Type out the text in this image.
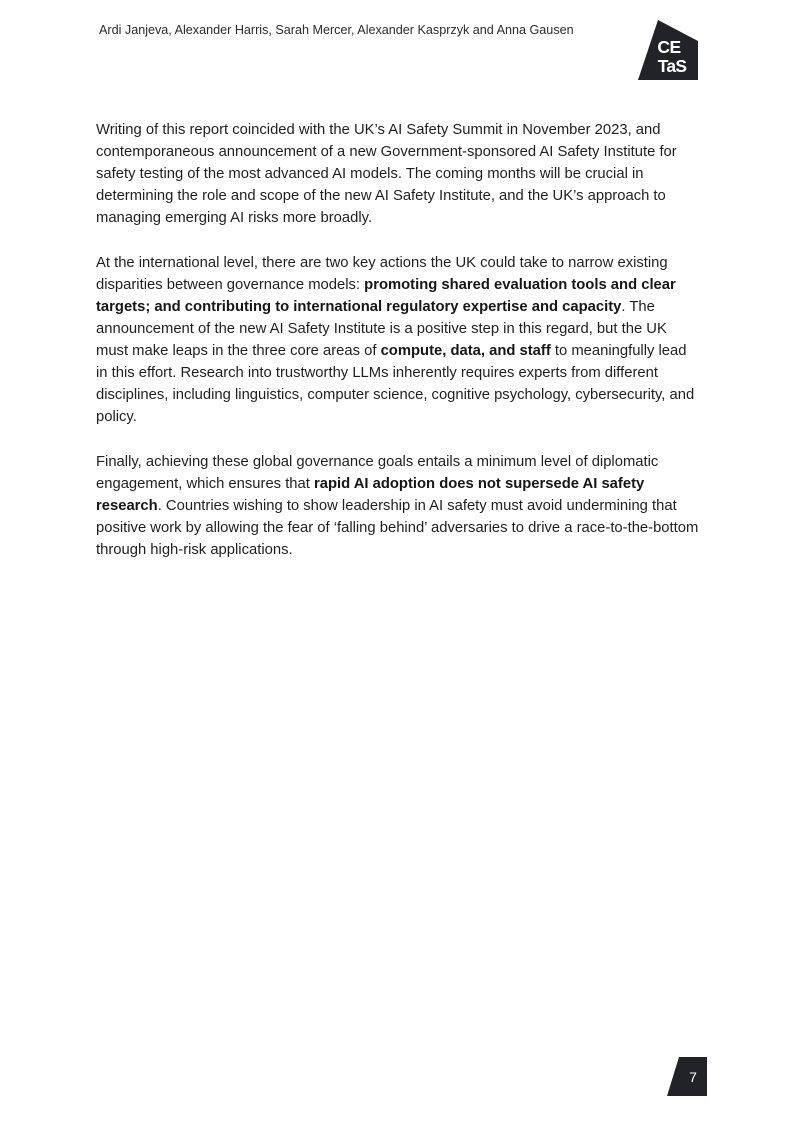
Ardi Janjeva, Alexander Harris, Sarah Mercer, Alexander Kasprzyk and Anna Gausen
CE
TaS

Writing of this report coincided with the UK’s AI Safety Summit in November 2023, and contemporaneous announcement of a new Government-sponsored AI Safety Institute for safety testing of the most advanced AI models. The coming months will be crucial in determining the role and scope of the new AI Safety Institute, and the UK’s approach to managing emerging AI risks more broadly.

At the international level, there are two key actions the UK could take to narrow existing disparities between governance models: promoting shared evaluation tools and clear targets; and contributing to international regulatory expertise and capacity. The announcement of the new AI Safety Institute is a positive step in this regard, but the UK must make leaps in the three core areas of compute, data, and staff to meaningfully lead in this effort. Research into trustworthy LLMs inherently requires experts from different disciplines, including linguistics, computer science, cognitive psychology, cybersecurity, and policy.

Finally, achieving these global governance goals entails a minimum level of diplomatic engagement, which ensures that rapid AI adoption does not supersede AI safety research. Countries wishing to show leadership in AI safety must avoid undermining that positive work by allowing the fear of ‘falling behind’ adversaries to drive a race-to-the-bottom through high-risk applications.

7
